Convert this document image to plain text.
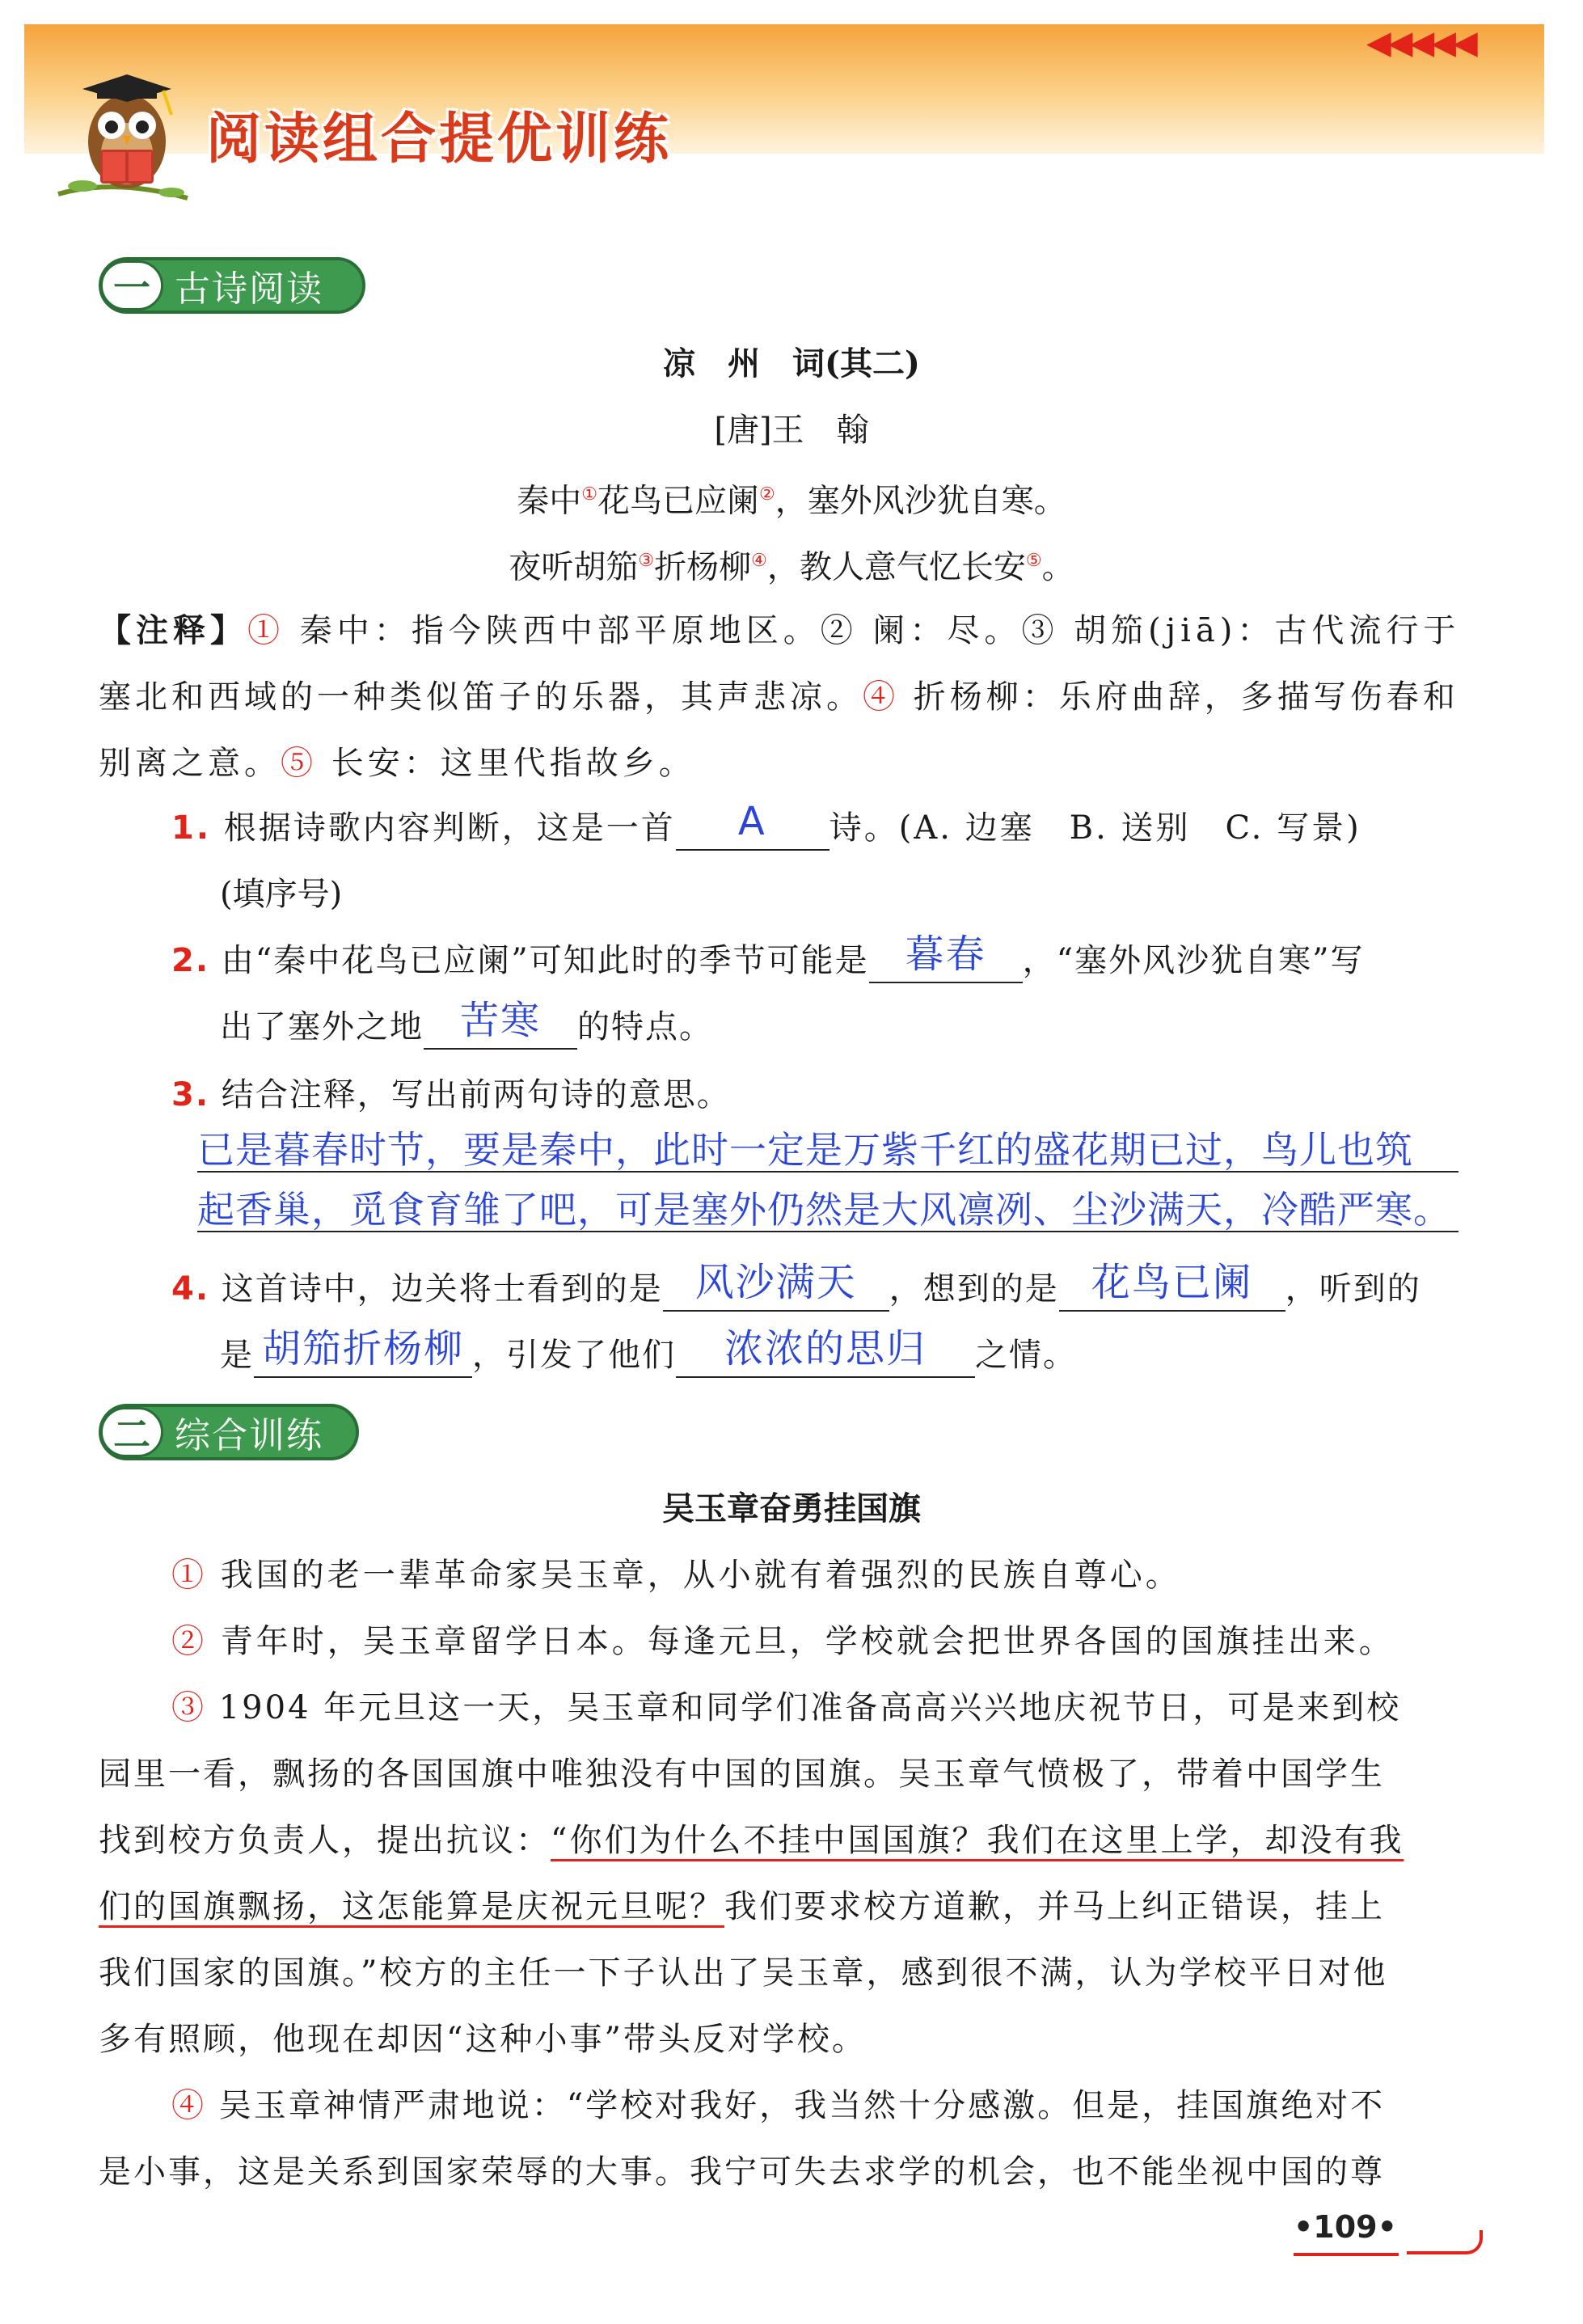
阅读组合提优训练
◀◀◀◀◀
一 古诗阅读
凉　州　词(其二)
[唐]王　翰
秦中①花鸟已应阑②，塞外风沙犹自寒。
夜听胡笳③折杨柳④，教人意气忆长安⑤。
【注释】① 秦中：指今陕西中部平原地区。② 阑：尽。③ 胡笳(jiā)：古代流行于
塞北和西域的一种类似笛子的乐器，其声悲凉。④ 折杨柳：乐府曲辞，多描写伤春和
别离之意。⑤ 长安：这里代指故乡。
1. 根据诗歌内容判断，这是一首	A	诗。(A. 边塞　B. 送别　C. 写景)
(填序号)
2. 由“秦中花鸟已应阑”可知此时的季节可能是 暮春	，“塞外风沙犹自寒”写
出了塞外之地 苦寒	的特点。
3. 结合注释，写出前两句诗的意思。
已是暮春时节，要是秦中，此时一定是万紫千红的盛花期已过，鸟儿也筑
起香巢，觅食育雏了吧，可是塞外仍然是大风凛冽、尘沙满天，冷酷严寒。
4. 这首诗中，边关将士看到的是 风沙满天	，想到的是 花鸟已阑	，听到的
是 胡笳折杨柳 ，引发了他们	浓浓的思归	之情。
二 综合训练
吴玉章奋勇挂国旗
① 我国的老一辈革命家吴玉章，从小就有着强烈的民族自尊心。
② 青年时，吴玉章留学日本。每逢元旦，学校就会把世界各国的国旗挂出来。
③ 1904 年元旦这一天，吴玉章和同学们准备高高兴兴地庆祝节日，可是来到校
园里一看，飘扬的各国国旗中唯独没有中国的国旗。吴玉章气愤极了，带着中国学生
找到校方负责人，提出抗议：“你们为什么不挂中国国旗？我们在这里上学，却没有我
们的国旗飘扬，这怎能算是庆祝元旦呢？我们要求校方道歉，并马上纠正错误，挂上
我们国家的国旗。”校方的主任一下子认出了吴玉章，感到很不满，认为学校平日对他
多有照顾，他现在却因“这种小事”带头反对学校。
④ 吴玉章神情严肃地说：“学校对我好，我当然十分感激。但是，挂国旗绝对不
是小事，这是关系到国家荣辱的大事。我宁可失去求学的机会，也不能坐视中国的尊
•109•
